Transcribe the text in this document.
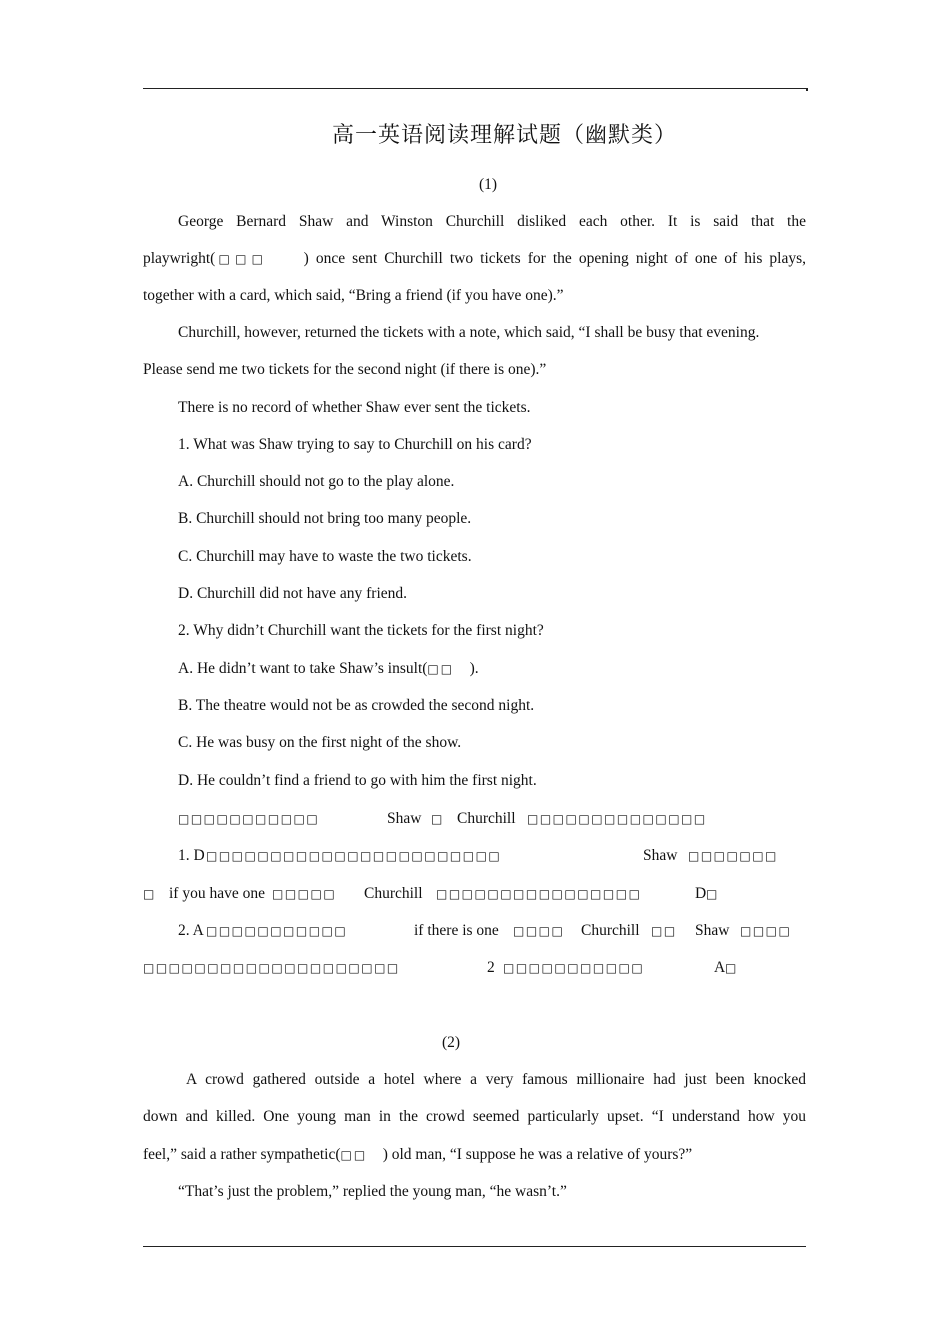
高一英语阅读理解试题（幽默类）
(1)
George Bernard Shaw and Winston Churchill disliked each other. It is said that the
playwright(□□□ ) once sent Churchill two tickets for the opening night of one of his plays,
together with a card, which said, “Bring a friend (if you have one).”
Churchill, however, returned the tickets with a note, which said, “I shall be busy that evening.
Please send me two tickets for the second night (if there is one).”
There is no record of whether Shaw ever sent the tickets.
1. What was Shaw trying to say to Churchill on his card?
A. Churchill should not go to the play alone.
B. Churchill should not bring too many people.
C. Churchill may have to waste the two tickets.
D. Churchill did not have any friend.
2. Why didn’t Churchill want the tickets for the first night?
A. He didn’t want to take Shaw’s insult(□□ ).
B. The theatre would not be as crowded the second night.
C. He was busy on the first night of the show.
D. He couldn’t find a friend to go with him the first night.
□□□□□□□□□□□	Shaw □ Churchill □□□□□□□□□□□□□□
1. D □□□□□□□□□□□□□□□□□□□□□□□	Shaw □□□□□□□
□ if you have one □□□□□ Churchill □□□□□□□□□□□□□□□□	D □
2. A □□□□□□□□□□□	if there is one □□□□ Churchill □□ Shaw □□□□
□□□□□□□□□□□□□□□□□□□□	2 □□□□□□□□□□□	A □
(2)
A crowd gathered outside a hotel where a very famous millionaire had just been knocked
down and killed. One young man in the crowd seemed particularly upset. “I understand how you
feel,” said a rather sympathetic(□□ ) old man, “I suppose he was a relative of yours?”
“That’s just the problem,” replied the young man, “he wasn’t.”
